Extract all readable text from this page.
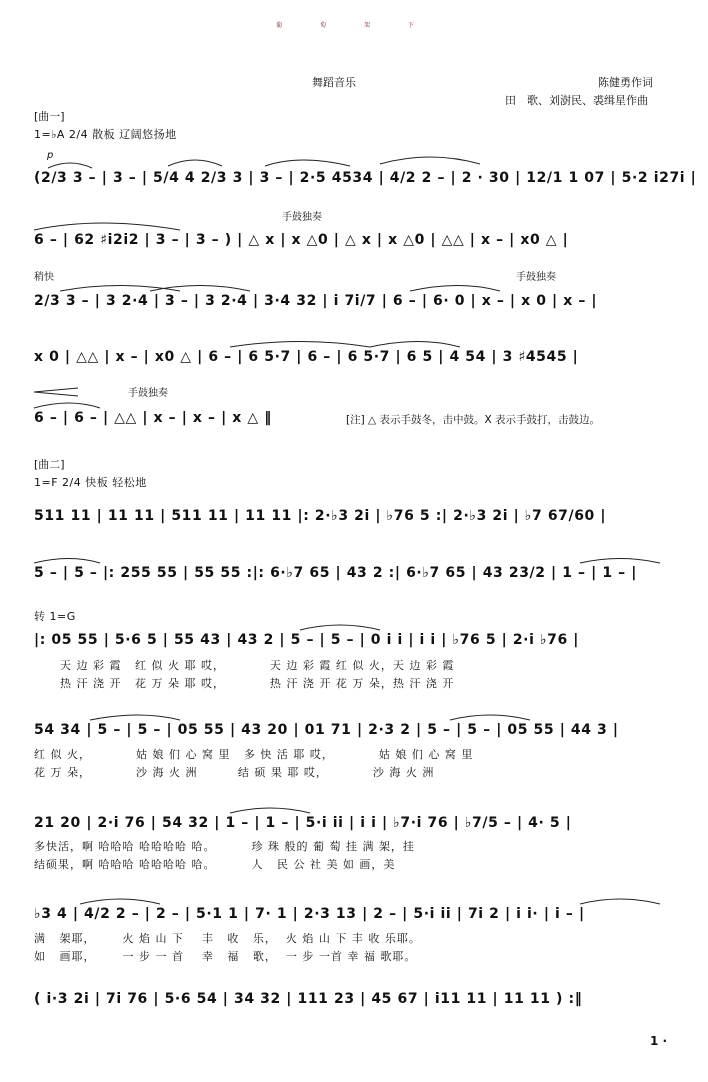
葡 萄 架 下
舞蹈音乐	陈健勇作词
田　歌、刘澍民、裘缉星作曲
[曲一]
1=♭A 2/4 散板 辽阔悠扬地
p
(2/3 3 – | 3 – | 5/4 4 2/3 3 | 3 – | 2·5 4534 | 4/2 2 – | 2 · 30 | 12/1 1 07 | 5·2 i27i |
手鼓独奏
6 – | 62 ♯i2i2 | 3 – | 3 – ) | △ x | x △0 | △ x | x △0 | △△ | x – | x0 △ |
稍快	手鼓独奏
2/3 3 – | 3 2·4 | 3 – | 3 2·4 | 3·4 32 | i 7i/7 | 6 – | 6· 0 | x – | x 0 | x – |
x 0 | △△ | x – | x0 △ | 6 – | 6 5·7 | 6 – | 6 5·7 | 6 5 | 4 54 | 3 ♯4545 |
手鼓独奏
6 – | 6 – | △△ | x – | x – | x △ ‖	[注] △ 表示手鼓冬，击中鼓。X 表示手鼓打，击鼓边。
[曲二]
1=F 2/4 快板 轻松地
511 11 | 11 11 | 511 11 | 11 11 |: 2·♭3 2i | ♭76 5 :| 2·♭3 2i | ♭7 67/60 |
5 – | 5 – |: 255 55 | 55 55 :|: 6·♭7 65 | 43 2 :| 6·♭7 65 | 43 23/2 | 1 – | 1 – |
转 1=G
|: 05 55 | 5·6 5 | 55 43 | 43 2 | 5 – | 5 – | 0 i i | i i | ♭76 5 | 2·i ♭76 |
天 边 彩 霞   红 似 火 耶 哎，          天 边 彩 霞 红 似 火，天 边 彩 霞
热 汗 浇 开   花 万 朵 耶 哎，          热 汗 浇 开 花 万 朵，热 汗 浇 开
54 34 | 5 – | 5 – | 05 55 | 43 20 | 01 71 | 2·3 2 | 5 – | 5 – | 05 55 | 44 3 |
红 似 火，          姑 娘 们 心 窝 里   多 快 活 耶 哎，          姑 娘 们 心 窝 里
花 万 朵，          沙 海 火 洲         结 硕 果 耶 哎，          沙 海 火 洲
21 20 | 2·i 76 | 54 32 | 1 – | 1 – | 5·i ii | i i | ♭7·i 76 | ♭7/5 – | 4· 5 |
多快活，啊 哈哈哈 哈哈哈哈 哈。        珍 珠 般的 葡 萄 挂 满 架，挂
结硕果，啊 哈哈哈 哈哈哈哈 哈。        人   民 公 社 美 如 画，美
♭3 4 | 4/2 2 – | 2 – | 5·1 1 | 7· 1 | 2·3 13 | 2 – | 5·i ii | 7i 2 | i i· | i – |
满   架耶，      火 焰 山 下    丰   收   乐，  火 焰 山 下 丰 收 乐耶。
如   画耶，      一 步 一 首    幸   福   歌，  一 步 一首 幸 福 歌耶。
( i·3 2i | 7i 76 | 5·6 54 | 34 32 | 111 23 | 45 67 | i11 11 | 11 11 ) :‖
1 ·
